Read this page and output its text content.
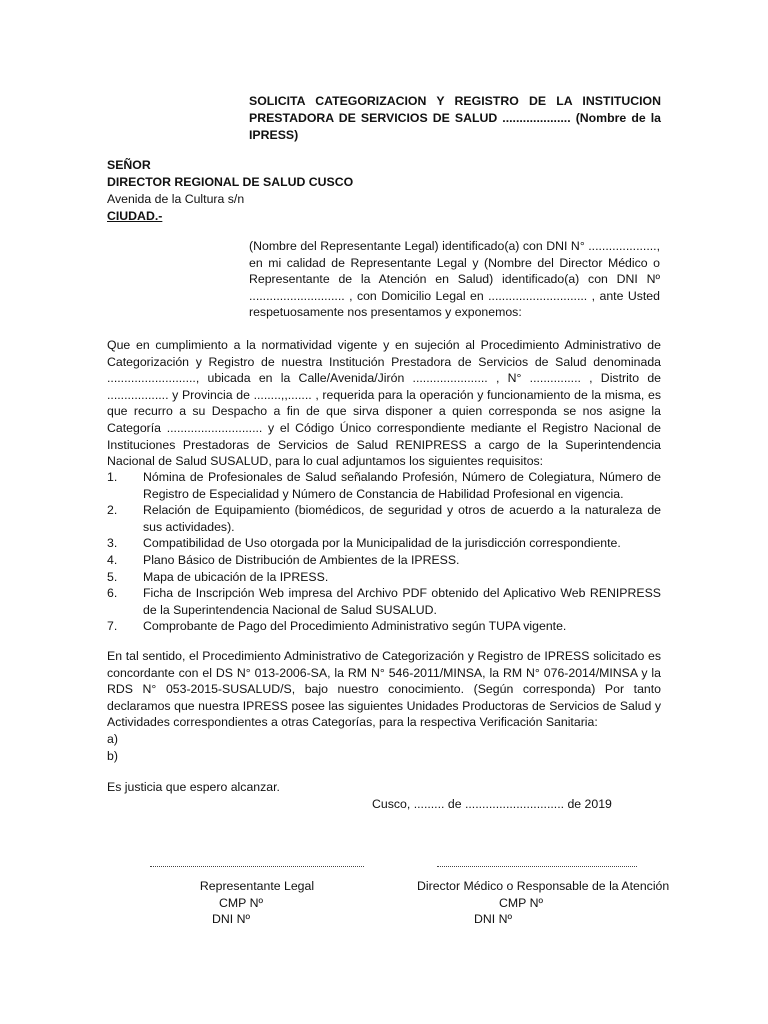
SOLICITA CATEGORIZACION Y REGISTRO DE LA INSTITUCION PRESTADORA DE SERVICIOS DE SALUD .................... (Nombre de la IPRESS)
SEÑOR
DIRECTOR REGIONAL DE SALUD CUSCO
Avenida de la Cultura s/n
CIUDAD.-
(Nombre del Representante Legal) identificado(a) con DNI N° ...................., en mi calidad de Representante Legal y (Nombre del Director Médico o Representante de la Atención en Salud) identificado(a) con DNI Nº ............................ , con Domicilio Legal en ............................. , ante Usted respetuosamente nos presentamos y exponemos:
Que en cumplimiento a la normatividad vigente y en sujeción al Procedimiento Administrativo de Categorización y Registro de nuestra Institución Prestadora de Servicios de Salud denominada .........................., ubicada en la Calle/Avenida/Jirón ...................... , N° ............... , Distrito de .................. y Provincia de ........,,....... , requerida para la operación y funcionamiento de la misma, es que recurro a su Despacho a fin de que sirva disponer a quien corresponda se nos asigne la Categoría ............................ y el Código Único correspondiente mediante el Registro Nacional de Instituciones Prestadoras de Servicios de Salud RENIPRESS a cargo de la Superintendencia Nacional de Salud SUSALUD, para lo cual adjuntamos los siguientes requisitos:
1. Nómina de Profesionales de Salud señalando Profesión, Número de Colegiatura, Número de Registro de Especialidad y Número de Constancia de Habilidad Profesional en vigencia.
2. Relación de Equipamiento (biomédicos, de seguridad y otros de acuerdo a la naturaleza de sus actividades).
3. Compatibilidad de Uso otorgada por la Municipalidad de la jurisdicción correspondiente.
4. Plano Básico de Distribución de Ambientes de la IPRESS.
5. Mapa de ubicación de la IPRESS.
6. Ficha de Inscripción Web impresa del Archivo PDF obtenido del Aplicativo Web RENIPRESS de la Superintendencia Nacional de Salud SUSALUD.
7. Comprobante de Pago del Procedimiento Administrativo según TUPA vigente.
En tal sentido, el Procedimiento Administrativo de Categorización y Registro de IPRESS solicitado es concordante con el DS N° 013-2006-SA, la RM N° 546-2011/MINSA, la RM N° 076-2014/MINSA y la RDS N° 053-2015-SUSALUD/S, bajo nuestro conocimiento. (Según corresponda) Por tanto declaramos que nuestra IPRESS posee las siguientes Unidades Productoras de Servicios de Salud y Actividades correspondientes a otras Categorías, para la respectiva Verificación Sanitaria:
a)
b)
Es justicia que espero alcanzar.
Cusco, ......... de ............................. de 2019
Representante Legal
CMP Nº
DNI Nº
Director Médico o Responsable de la Atención
CMP Nº
DNI Nº
